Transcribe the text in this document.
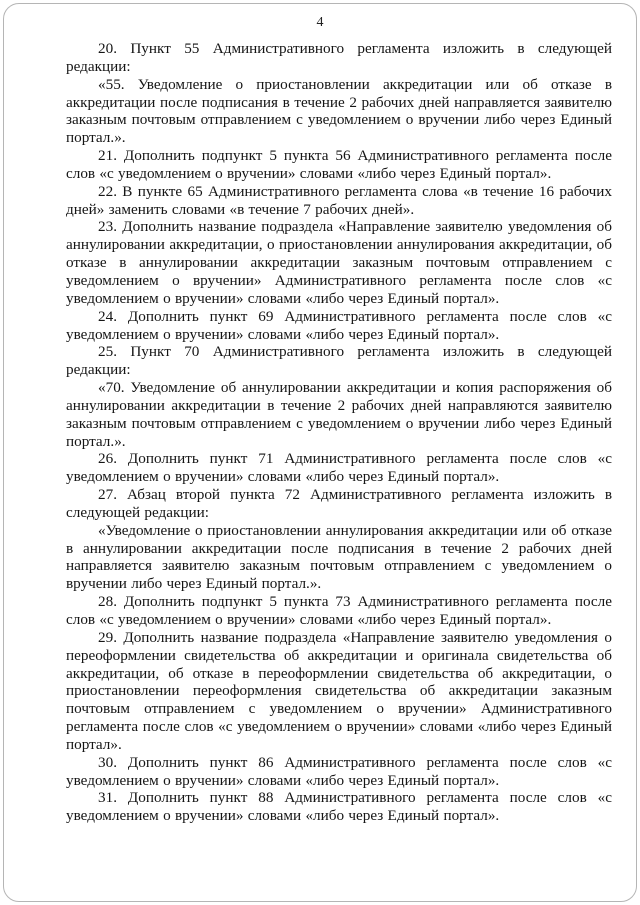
4

20. Пункт 55 Административного регламента изложить в следующей редакции:

«55. Уведомление о приостановлении аккредитации или об отказе в аккредитации после подписания в течение 2 рабочих дней направляется заявителю заказным почтовым отправлением с уведомлением о вручении либо через Единый портал.».

21. Дополнить подпункт 5 пункта 56 Административного регламента после слов «с уведомлением о вручении» словами «либо через Единый портал».

22. В пункте 65 Административного регламента слова «в течение 16 рабочих дней» заменить словами «в течение 7 рабочих дней».

23. Дополнить название подраздела «Направление заявителю уведомления об аннулировании аккредитации, о приостановлении аннулирования аккредитации, об отказе в аннулировании аккредитации заказным почтовым отправлением с уведомлением о вручении» Административного регламента после слов «с уведомлением о вручении» словами «либо через Единый портал».

24. Дополнить пункт 69 Административного регламента после слов «с уведомлением о вручении» словами «либо через Единый портал».

25. Пункт 70 Административного регламента изложить в следующей редакции:

«70. Уведомление об аннулировании аккредитации и копия распоряжения об аннулировании аккредитации в течение 2 рабочих дней направляются заявителю заказным почтовым отправлением с уведомлением о вручении либо через Единый портал.».

26. Дополнить пункт 71 Административного регламента после слов «с уведомлением о вручении» словами «либо через Единый портал».

27. Абзац второй пункта 72 Административного регламента изложить в следующей редакции:

«Уведомление о приостановлении аннулирования аккредитации или об отказе в аннулировании аккредитации после подписания в течение 2 рабочих дней направляется заявителю заказным почтовым отправлением с уведомлением о вручении либо через Единый портал.».

28. Дополнить подпункт 5 пункта 73 Административного регламента после слов «с уведомлением о вручении» словами «либо через Единый портал».

29. Дополнить название подраздела «Направление заявителю уведомления о переоформлении свидетельства об аккредитации и оригинала свидетельства об аккредитации, об отказе в переоформлении свидетельства об аккредитации, о приостановлении переоформления свидетельства об аккредитации заказным почтовым отправлением с уведомлением о вручении» Административного регламента после слов «с уведомлением о вручении» словами «либо через Единый портал».

30. Дополнить пункт 86 Административного регламента после слов «с уведомлением о вручении» словами «либо через Единый портал».

31. Дополнить пункт 88 Административного регламента после слов «с уведомлением о вручении» словами «либо через Единый портал».
